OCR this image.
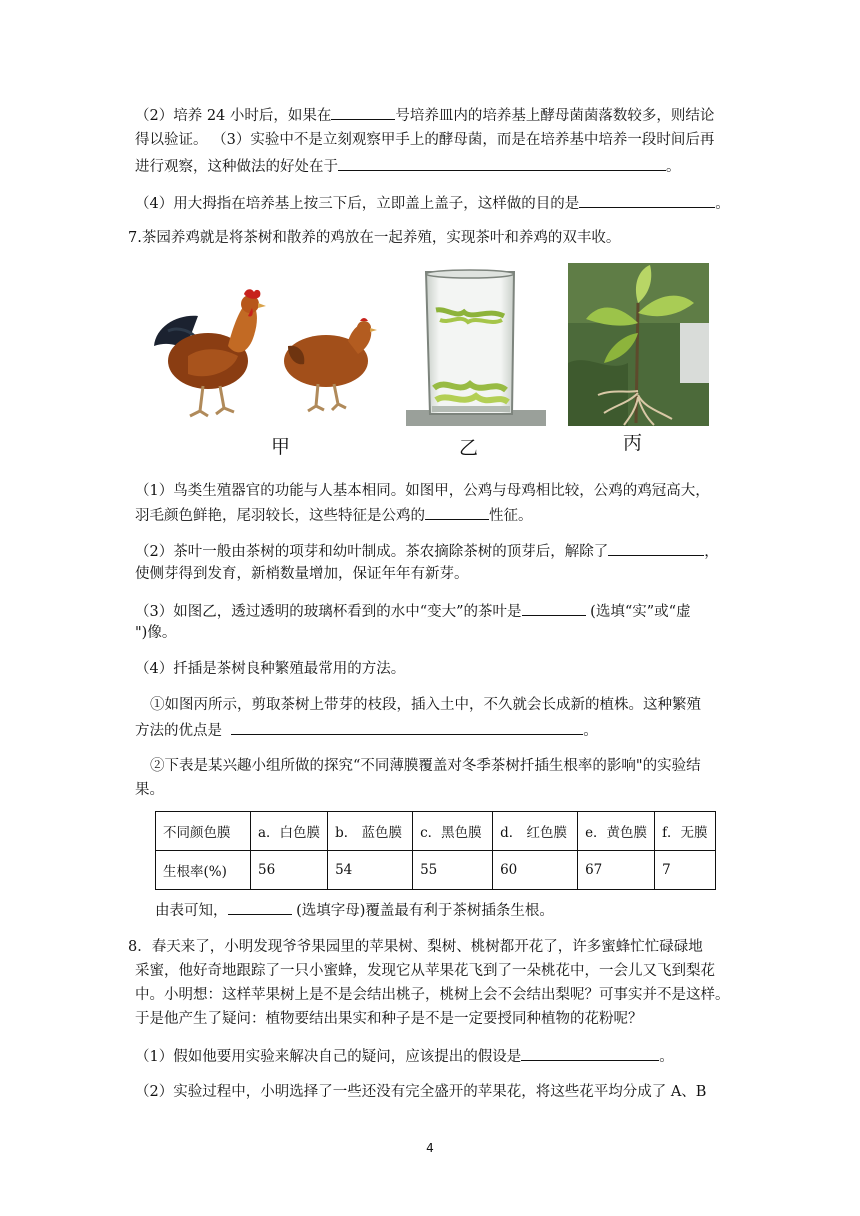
（2）培养 24 小时后，如果在	号培养皿内的培养基上酵母菌菌落数较多，则结论
得以验证。 （3）实验中不是立刻观察甲手上的酵母菌，而是在培养基中培养一段时间后再
进行观察，这种做法的好处在于	。
（4）用大拇指在培养基上按三下后，立即盖上盖子，这样做的目的是	。
7.茶园养鸡就是将茶树和散养的鸡放在一起养殖，实现茶叶和养鸡的双丰收。
甲	乙	丙
（1）鸟类生殖器官的功能与人基本相同。如图甲，公鸡与母鸡相比较，公鸡的鸡冠高大，
羽毛颜色鲜艳，尾羽较长，这些特征是公鸡的	性征。
（2）茶叶一般由茶树的项芽和幼叶制成。茶农摘除茶树的顶芽后，解除了	，
使侧芽得到发育，新梢数量增加，保证年年有新芽。
（3）如图乙，透过透明的玻璃杯看到的水中“变大”的茶叶是	(选填“实”或“虚
")像。
（4）扦插是茶树良种繁殖最常用的方法。
①如图丙所示，剪取茶树上带芽的枝段，插入土中，不久就会长成新的植株。这种繁殖
方法的优点是	。
②下表是某兴趣小组所做的探究“不同薄膜覆盖对冬季茶树扦插生根率的影响"的实验结
果。
不同颜色膜	a．白色膜	b． 蓝色膜	c．黑色膜	d． 红色膜	e．黄色膜	f．无膜
生根率(%)	56	54	55	60	67	7
由表可知，	(选填字母)覆盖最有利于茶树插条生根。
8．春天来了，小明发现爷爷果园里的苹果树、梨树、桃树都开花了，许多蜜蜂忙忙碌碌地
采蜜，他好奇地跟踪了一只小蜜蜂，发现它从苹果花飞到了一朵桃花中，一会儿又飞到梨花
中。小明想：这样苹果树上是不是会结出桃子，桃树上会不会结出梨呢？可事实并不是这样。
于是他产生了疑问：植物要结出果实和种子是不是一定要授同种植物的花粉呢？
（1）假如他要用实验来解决自己的疑问，应该提出的假设是	。
（2）实验过程中，小明选择了一些还没有完全盛开的苹果花，将这些花平均分成了 A、B
4
